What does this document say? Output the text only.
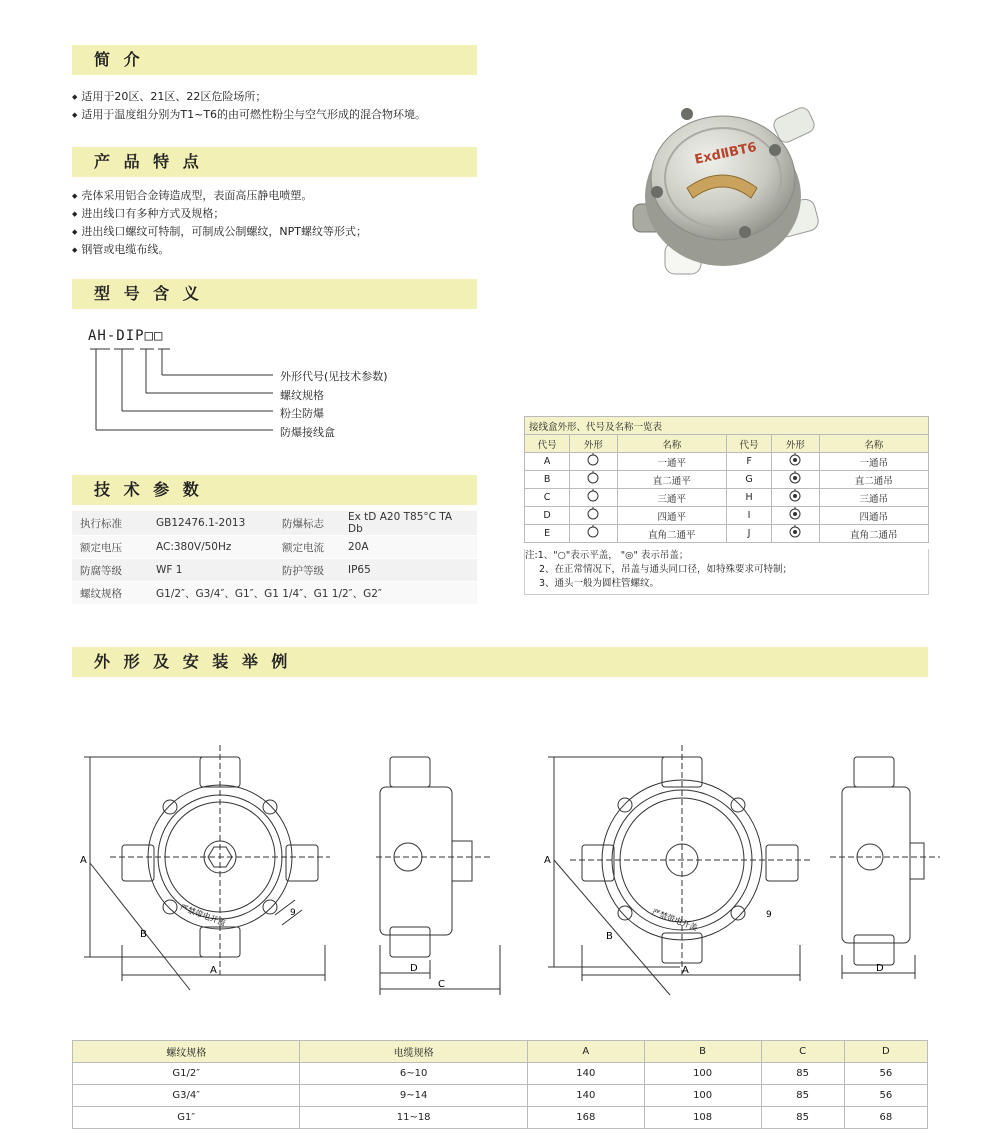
简 介
产 品 特 点
型 号 含 义
技 术 参 数
外 形 及 安 装 举 例
◆ 适用于20区、21区、22区危险场所；
◆ 适用于温度组分别为T1~T6的由可燃性粉尘与空气形成的混合物环境。
◆ 壳体采用铝合金铸造成型，表面高压静电喷塑。
◆ 进出线口有多种方式及规格；
◆ 进出线口螺纹可特制，可制成公制螺纹，NPT螺纹等形式；
◆ 钢管或电缆布线。
ExdⅡBT6
AH-DIP□□
外形代号(见技术参数)
螺纹规格
粉尘防爆
防爆接线盒
执行标准	GB12476.1-2013	防爆标志	Ex tD A20 T85°C TA Db
额定电压	AC:380V/50Hz	额定电流	20A
防腐等级	WF 1	防护等级	IP65
螺纹规格	G1/2″、G3/4″、G1″、G1 1/4″、G1 1/2″、G2″		
接线盒外形、代号及名称一览表					
代号	外形	名称	代号	外形	名称
A		一通平	F		一通吊
B		直二通平	G		直二通吊
C		三通平	H		三通吊
D		四通平	I		四通吊
E		直角二通平	J		直角二通吊
注:1、"○"表示平盖， "◎" 表示吊盖；
2、在正常情况下，吊盖与通头同口径，如特殊要求可特制；
3、通头一般为圆柱管螺纹。
A
A
B
9
严禁带电开盖
D
C
A
A
B
9
严禁带电开盖
D
螺纹规格	电缆规格	A	B	C	D
G1/2″	6~10	140	100	85	56
G3/4″	9~14	140	100	85	56
G1″	11~18	168	108	85	68
